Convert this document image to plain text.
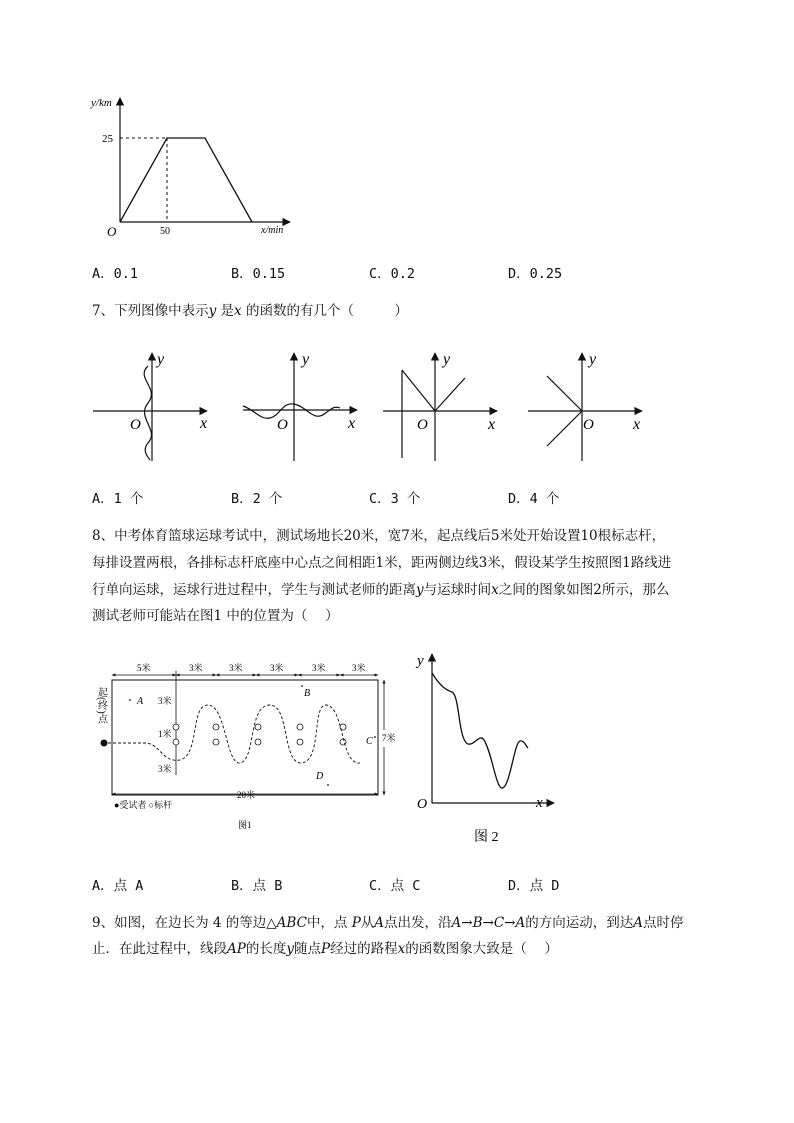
y/km
25
50	x/min
O
A．0.1	B．0.15	C．0.2	D．0.25
7、下列图像中表示y 是x 的函数的有几个（　　　）
y
x
O
y
x
O
y
x
O
y
x
O
A．1 个	B．2 个	C．3 个	D．4 个
8、中考体育篮球运球考试中，测试场地长20米，宽7米，起点线后5米处开始设置10根标志杆，
每排设置两根，各排标志杆底座中心点之间相距1米，距两侧边线3米，假设某学生按照图1路线进
行单向运球，运球行进过程中，学生与测试老师的距离y与运球时间x之间的图象如图2所示，那么
测试老师可能站在图1 中的位置为（　 ）
5米	3米	3米	3米	3米	3米
起(终)点	3米
1米
3米
7米
20米
A
B
C
D
●受试者 ○标杆
图1
y
x
O
图 2
A．点 A	B．点 B	C．点 C	D．点 D
9、如图，在边长为 4 的等边△ABC中，点 P从A点出发，沿A→B→C→A的方向运动，到达A点时停
止．在此过程中，线段AP的长度y随点P经过的路程x的函数图象大致是（　 ）
